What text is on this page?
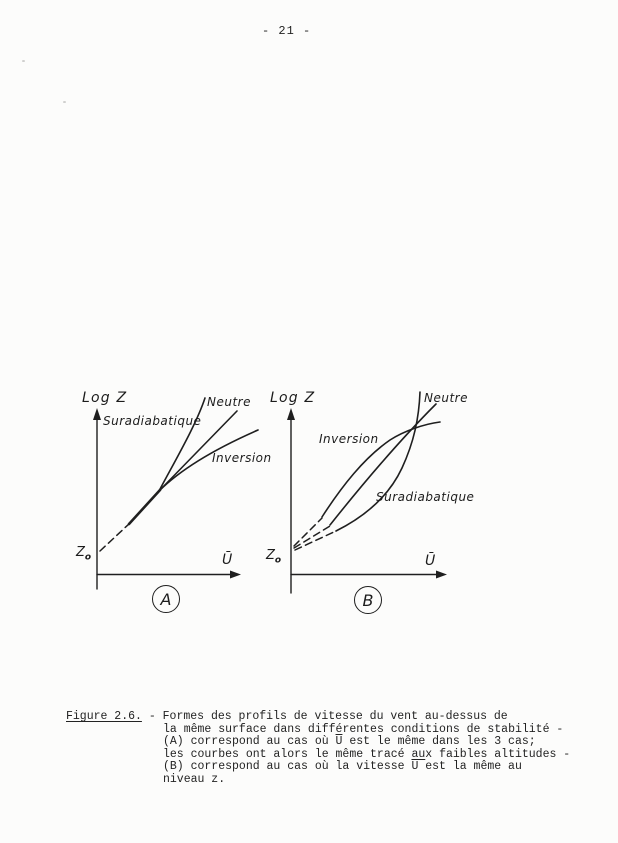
- 21 -
Log Z
Suradiabatique
Neutre
Inversion
$Z_o$	Ū
A
Log Z
Inversion
Neutre
Suradiabatique
$Z_o$	Ū
B
Figure 2.6. - Formes des profils de vitesse du vent au-dessus de
la même surface dans différentes conditions de stabilité -
(A) correspond au cas où Ū est le même dans les 3 cas;
les courbes ont alors le même tracé aux faibles altitudes -
(B) correspond au cas où la vitesse Ū est la même au
niveau z.
